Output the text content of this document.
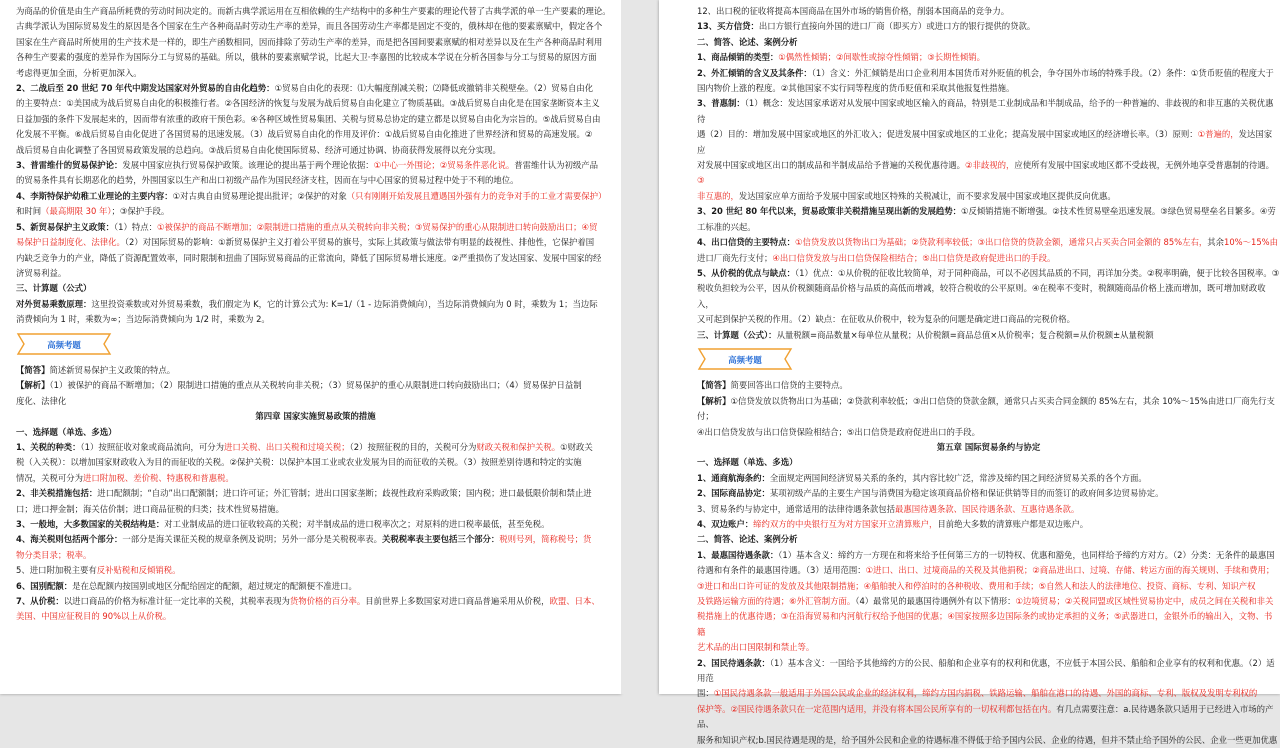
为商品的价值是由生产商品所耗费的劳动时间决定的。而新古典学派运用在互相依赖的生产结构中的多种生产要素的理论代替了古典学派的单一生产要素的理论。

古典学派认为国际贸易发生的原因是各个国家在生产各种商品时劳动生产率的差异，而且各国劳动生产率都是固定不变的，俄林却在他的要素禀赋中，假定各个

国家在生产商品时所使用的生产技术是一样的，即生产函数相同，因而排除了劳动生产率的差异，而是把各国间要素禀赋的相对差异以及在生产各种商品时利用

各种生产要素的强度的差异作为国际分工与贸易的基础。所以，俄林的要素禀赋学说，比起大卫·李嘉图的比较成本学说在分析各国参与分工与贸易的原因方面

考虑得更加全面，分析更加深入。

2、二战后至 20 世纪 70 年代中期发达国家对外贸易的自由化趋势：①贸易自由化的表现：⑴大幅度削减关税；⑵降低或撤销非关税壁垒。（2）贸易自由化

的主要特点：①美国成为战后贸易自由化的积极推行者。②各国经济的恢复与发展为战后贸易自由化建立了物质基础。③战后贸易自由化是在国家垄断资本主义

日益加强的条件下发展起来的，因而带有浓重的政府干预色彩。④各种区域性贸易集团、关税与贸易总协定的建立都是以贸易自由化为宗旨的。⑤战后贸易自由

化发展不平衡。⑥战后贸易自由化促进了各国贸易的迅速发展。（3）战后贸易自由化的作用及评价：①战后贸易自由化推进了世界经济和贸易的高速发展。②

战后贸易自由化调整了各国贸易政策发展的总趋向。③战后贸易自由化使国际贸易、经济可通过协调、协商获得发展得以充分实现。

3、普雷维什的贸易保护论：发展中国家应执行贸易保护政策。该理论的提出基于两个理论依据：①中心一外围论；②贸易条件恶化说。普雷维什认为初级产品

的贸易条件具有长期恶化的趋势，外围国家以生产和出口初级产品作为国民经济支柱，因而在与中心国家的贸易过程中处于不利的地位。

4、李斯特保护幼稚工业理论的主要内容：①对古典自由贸易理论提出批评；②保护的对象（只有刚刚开始发展且遭遇国外强有力的竞争对手的工业才需要保护）

和时间（最高期限 30 年）；③保护手段。

5、新贸易保护主义政策：（1）特点：①被保护的商品不断增加；②限制进口措施的重点从关税转向非关税；③贸易保护的重心从限制进口转向鼓励出口；④贸

易保护日益制度化、法律化。（2）对国际贸易的影响：①新贸易保护主义打着公平贸易的旗号，实际上其政策与做法带有明显的歧视性、排他性，它保护着国

内缺乏竞争力的产业，降低了资源配置效率，同时限制和扭曲了国际贸易商品的正常流向，降低了国际贸易增长速度。②严重损伤了发达国家、发展中国家的经

济贸易利益。

三、计算题（公式）

对外贸易乘数原理：这里投资乘数或对外贸易乘数，我们假定为 K，它的计算公式为: K=1/（1 - 边际消费倾向），当边际消费倾向为 0 时，乘数为 1；当边际

消费倾向为 1 时，乘数为∞；当边际消费倾向为 1/2 时，乘数为 2。

高频考题

【简答】简述新贸易保护主义政策的特点。

【解析】（1）被保护的商品不断增加；（2）限制进口措施的重点从关税转向非关税；（3）贸易保护的重心从限制进口转向鼓励出口；（4）贸易保护日益制

度化、法律化

第四章 国家实施贸易政策的措施

一、选择题（单选、多选）

1、关税的种类：（1）按照征收对象或商品流向，可分为进口关税、出口关税和过境关税；（2）按照征税的目的，关税可分为财政关税和保护关税。①财政关

税（入关税）：以增加国家财政收入为目的而征收的关税。②保护关税：以保护本国工业或农业发展为目的而征收的关税。（3）按照差别待遇和特定的实施

情况，关税可分为进口附加税、差价税、特惠税和普惠税。

2、非关税措施包括：进口配额制；“自动”出口配额制；进口许可证；外汇管制；进出口国家垄断；歧视性政府采购政策；国内税；进口最低限价制和禁止进

口；进口押金制；海关估价制；进口商品征税的归类；技术性贸易措施。

3、一般地，大多数国家的关税结构是：对工业制成品的进口征收较高的关税；对半制成品的进口税率次之；对原料的进口税率最低，甚至免税。

4、海关税则包括两个部分：一部分是海关课征关税的规章条例及说明；另外一部分是关税税率表。关税税率表主要包括三个部分：税则号列，简称税号；货

物分类目录；税率。

5、进口附加税主要有反补贴税和反倾销税。

6、国别配额：是在总配额内按国别或地区分配给固定的配额，超过规定的配额便不准进口。

7、从价税：以进口商品的价格为标准计征一定比率的关税，其税率表现为货物价格的百分率。目前世界上多数国家对进口商品普遍采用从价税，欧盟、日本、

美国、中国应征税目的 90%以上从价税。

12、出口税的征收将提高本国商品在国外市场的销售价格，削弱本国商品的竞争力。

13、买方信贷：出口方银行直接向外国的进口厂商（即买方）或进口方的银行提供的贷款。

二、简答、论述、案例分析

1、商品倾销的类型：①偶然性倾销；②间歇性或掠夺性倾销；③长期性倾销。

2、外汇倾销的含义及其条件：（1）含义：外汇倾销是出口企业利用本国货币对外贬值的机会，争夺国外市场的特殊手段。（2）条件：①货币贬值的程度大于

国内物价上涨的程度。②其他国家不实行同等程度的货币贬值和采取其他报复性措施。

3、普惠制：（1）概念：发达国家承诺对从发展中国家或地区输入的商品，特别是工业制成品和半制成品，给予的一种普遍的、非歧视的和非互惠的关税优惠待

遇（2）目的：增加发展中国家或地区的外汇收入；促进发展中国家或地区的工业化；提高发展中国家或地区的经济增长率。（3）原则：①普遍的，发达国家应

对发展中国家或地区出口的制成品和半制成品给予普遍的关税优惠待遇。②非歧视的，应使所有发展中国家或地区都不受歧视，无例外地享受普惠制的待遇。③

非互惠的，发达国家应单方面给予发展中国家或地区特殊的关税减让，而不要求发展中国家或地区提供反向优惠。

3、20 世纪 80 年代以来，贸易政策非关税措施呈现出新的发展趋势：①反倾销措施不断增强。②技术性贸易壁垒迅速发展。③绿色贸易壁垒名目繁多。④劳

工标准的兴起。

4、出口信贷的主要特点：①信贷发放以货物出口为基础；②贷款利率较低；③出口信贷的贷款金额，通常只占买卖合同金额的 85%左右，其余10%～15%由

进口厂商先行支付；④出口信贷发放与出口信贷保险相结合；⑤出口信贷是政府促进出口的手段。

5、从价税的优点与缺点：（1）优点：①从价税的征收比较简单，对于同种商品，可以不必因其品质的不同，再详加分类。②税率明确，便于比较各国税率。③

税收负担较为公平，因从价税额随商品价格与品质的高低而增减，较符合税收的公平原则。④在税率不变时，税额随商品价格上涨而增加，既可增加财政收入，

又可起到保护关税的作用。（2）缺点：在征收从价税中，较为复杂的问题是确定进口商品的完税价格。

三、计算题（公式）：从量税额=商品数量×每单位从量税；从价税额=商品总值×从价税率；复合税额=从价税额±从量税额

高频考题

【简答】简要回答出口信贷的主要特点。

【解析】①信贷发放以货物出口为基础；②贷款利率较低；③出口信贷的贷款金额，通常只占买卖合同金额的 85%左右，其余 10%～15%由进口厂商先行支付；

④出口信贷发放与出口信贷保险相结合；⑤出口信贷是政府促进出口的手段。

第五章 国际贸易条约与协定

一、选择题（单选、多选）

1、通商航海条约：全面规定两国间经济贸易关系的条约，其内容比较广泛，常涉及缔约国之间经济贸易关系的各个方面。

2、国际商品协定：某项初级产品的主要生产国与消费国为稳定该项商品价格和保证供销等目的而签订的政府间多边贸易协定。

3、贸易条约与协定中，通常适用的法律待遇条款包括最惠国待遇条款、国民待遇条款、互惠待遇条款。

4、双边账户：缔约双方的中央银行互为对方国家开立清算账户，目前绝大多数的清算账户都是双边账户。

二、简答、论述、案例分析

1、最惠国待遇条款：（1）基本含义：缔约方一方现在和将来给予任何第三方的一切特权、优惠和豁免，也同样给予缔约方对方。（2）分类：无条件的最惠国

待遇和有条件的最惠国待遇。（3）适用范围：①进口、出口、过境商品的关税及其他捐税；②商品进出口、过境、存储、转运方面的海关规则、手续和费用；

③进口和出口许可证的发放及其他限制措施；④船舶驶入和停泊时的各种税收、费用和手续；⑤自然人和法人的法律地位、投资、商标、专利、知识产权

及铁路运输方面的待遇；⑥外汇管制方面。（4）最常见的最惠国待遇例外有以下情形：①边境贸易；②关税同盟或区域性贸易协定中，成员之间在关税和非关

税措施上的优惠待遇；③在沿海贸易和内河航行权给予他国的优惠；④国家按照多边国际条约或协定承担的义务；⑤武器进口，金银外币的输出入，文物、书籍

艺术品的出口国限制和禁止等。

2、国民待遇条款：（1）基本含义：一国给予其他缔约方的公民、船舶和企业享有的权利和优惠，不应低于本国公民、船舶和企业享有的权利和优惠。（2）适用范

围：①国民待遇条款一般适用于外国公民或企业的经济权利，缔约方国内捐税、铁路运输、船舶在港口的待遇、外国的商标、专利、版权及发明专利权的

保护等。②国民待遇条款只在一定范围内适用，并没有将本国公民所享有的一切权利都包括在内。有几点需要注意：a.民待遇条款只适用于已经进入市场的产品、

服务和知识产权;b.国民待遇是现的是，给予国外公民和企业的待遇标准不得低于给予国内公民、企业的待遇，但并不禁止给予国外的公民、企业一些更加优惠
